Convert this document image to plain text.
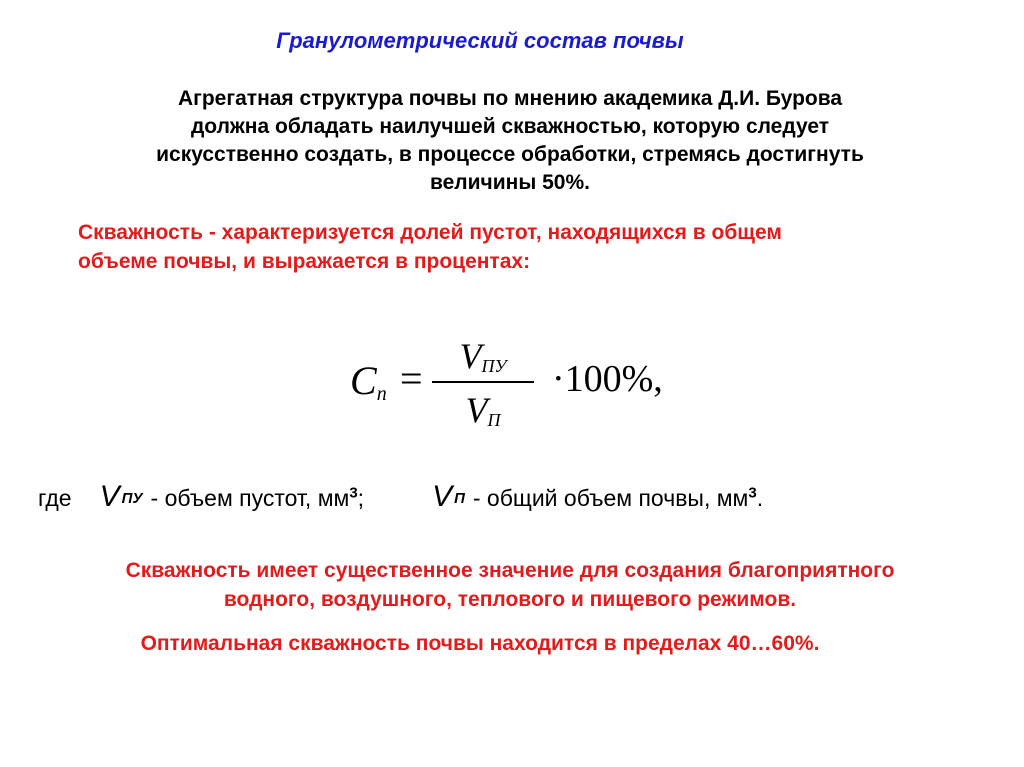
Гранулометрический состав почвы
Агрегатная структура почвы по мнению академика Д.И. Бурова
должна обладать наилучшей скважностью, которую следует
искусственно создать, в процессе обработки, стремясь достигнуть
величины 50%.
Скважность - характеризуется долей пустот, находящихся в общем
объеме почвы, и выражается в процентах:
$C_п$ =	$V_{ПУ}$
$V_П$
·100%,
где V $_{ПУ}$ - объем пустот, $мм^3$; V $_П$ - общий объем почвы, $мм^3$.
Скважность имеет существенное значение для создания благоприятного
водного, воздушного, теплового и пищевого режимов.
Оптимальная скважность почвы находится в пределах 40…60%.
